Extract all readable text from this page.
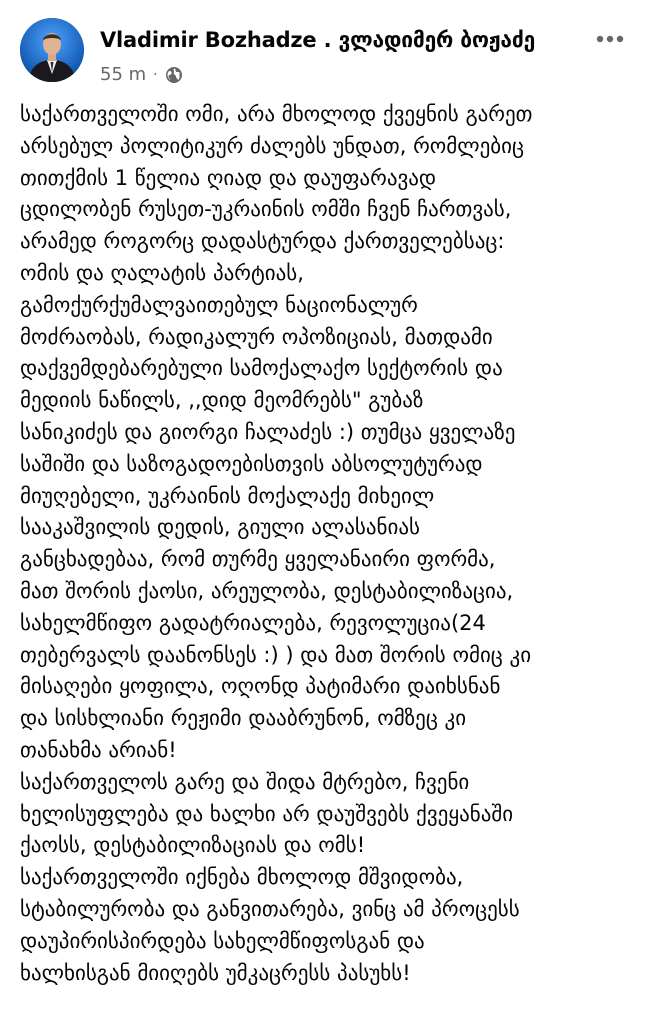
Vladimir Bozhadze . ვლადიმერ ბოჟაძე
55 m ·
საქართველოში ომი, არა მხოლოდ ქვეყნის გარეთ
არსებულ პოლიტიკურ ძალებს უნდათ, რომლებიც
თითქმის 1 წელია ღიად და დაუფარავად
ცდილობენ რუსეთ-უკრაინის ომში ჩვენ ჩართვას,
არამედ როგორც დადასტურდა ქართველებსაც:
ომის და ღალატის პარტიას,
გამოქურქუმალვაითებულ ნაციონალურ
მოძრაობას, რადიკალურ ოპოზიციას, მათდამი
დაქვემდებარებული სამოქალაქო სექტორის და
მედიის ნაწილს, ,,დიდ მეომრებს" გუბაზ
სანიკიძეს და გიორგი ჩალაძეს :) თუმცა ყველაზე
საშიში და საზოგადოებისთვის აბსოლუტურად
მიუღებელი, უკრაინის მოქალაქე მიხეილ
სააკაშვილის დედის, გიული ალასანიას
განცხადებაა, რომ თურმე ყველანაირი ფორმა,
მათ შორის ქაოსი, არეულობა, დესტაბილიზაცია,
სახელმწიფო გადატრიალება, რევოლუცია(24
თებერვალს დაანონსეს :) ) და მათ შორის ომიც კი
მისაღები ყოფილა, ოღონდ პატიმარი დაიხსნან
და სისხლიანი რეჟიმი დააბრუნონ, ომზეც კი
თანახმა არიან!
საქართველოს გარე და შიდა მტრებო, ჩვენი
ხელისუფლება და ხალხი არ დაუშვებს ქვეყანაში
ქაოსს, დესტაბილიზაციას და ომს!
საქართველოში იქნება მხოლოდ მშვიდობა,
სტაბილურობა და განვითარება, ვინც ამ პროცესს
დაუპირისპირდება სახელმწიფოსგან და
ხალხისგან მიიღებს უმკაცრესს პასუხს!
